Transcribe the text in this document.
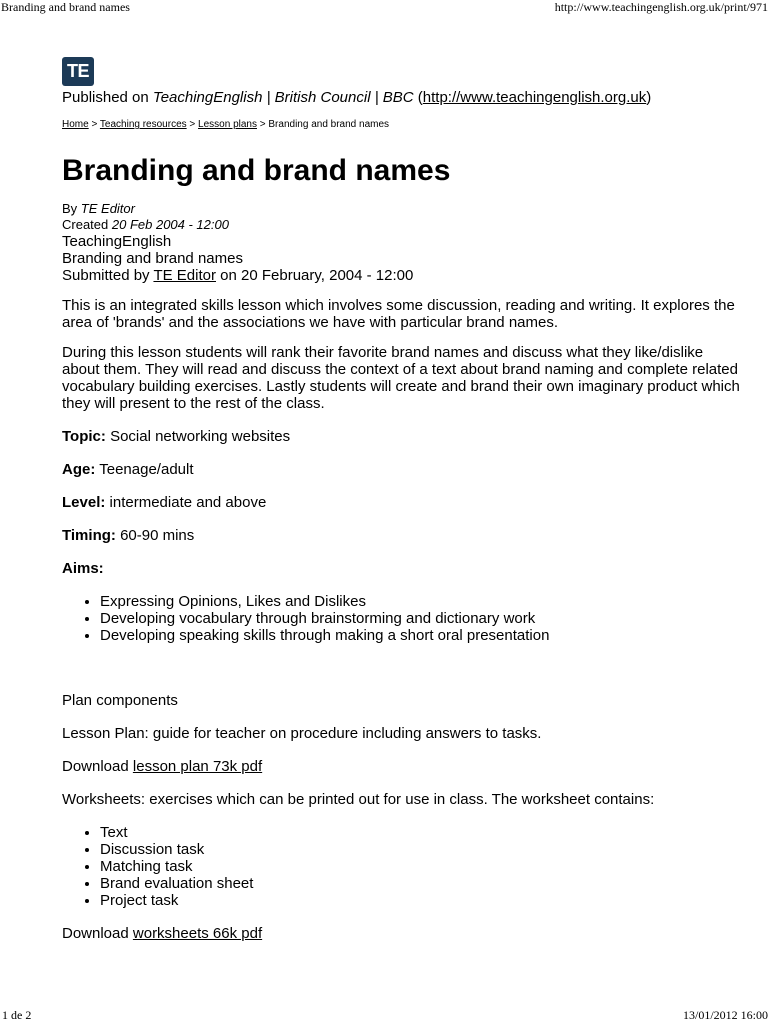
Branding and brand names	http://www.teachingenglish.org.uk/print/971
TE
Published on TeachingEnglish | British Council | BBC (http://www.teachingenglish.org.uk)
Home > Teaching resources > Lesson plans > Branding and brand names
Branding and brand names
By TE Editor
Created 20 Feb 2004 - 12:00
TeachingEnglish
Branding and brand names
Submitted by TE Editor on 20 February, 2004 - 12:00

This is an integrated skills lesson which involves some discussion, reading and writing. It explores the area of 'brands' and the associations we have with particular brand names.

During this lesson students will rank their favorite brand names and discuss what they like/dislike about them. They will read and discuss the context of a text about brand naming and complete related vocabulary building exercises. Lastly students will create and brand their own imaginary product which they will present to the rest of the class.

Topic: Social networking websites

Age: Teenage/adult

Level: intermediate and above

Timing: 60-90 mins

Aims:

• Expressing Opinions, Likes and Dislikes
• Developing vocabulary through brainstorming and dictionary work
• Developing speaking skills through making a short oral presentation

Plan components

Lesson Plan: guide for teacher on procedure including answers to tasks.

Download lesson plan 73k pdf

Worksheets: exercises which can be printed out for use in class. The worksheet contains:

• Text
• Discussion task
• Matching task
• Brand evaluation sheet
• Project task

Download worksheets 66k pdf

1 de 2	13/01/2012 16:00
